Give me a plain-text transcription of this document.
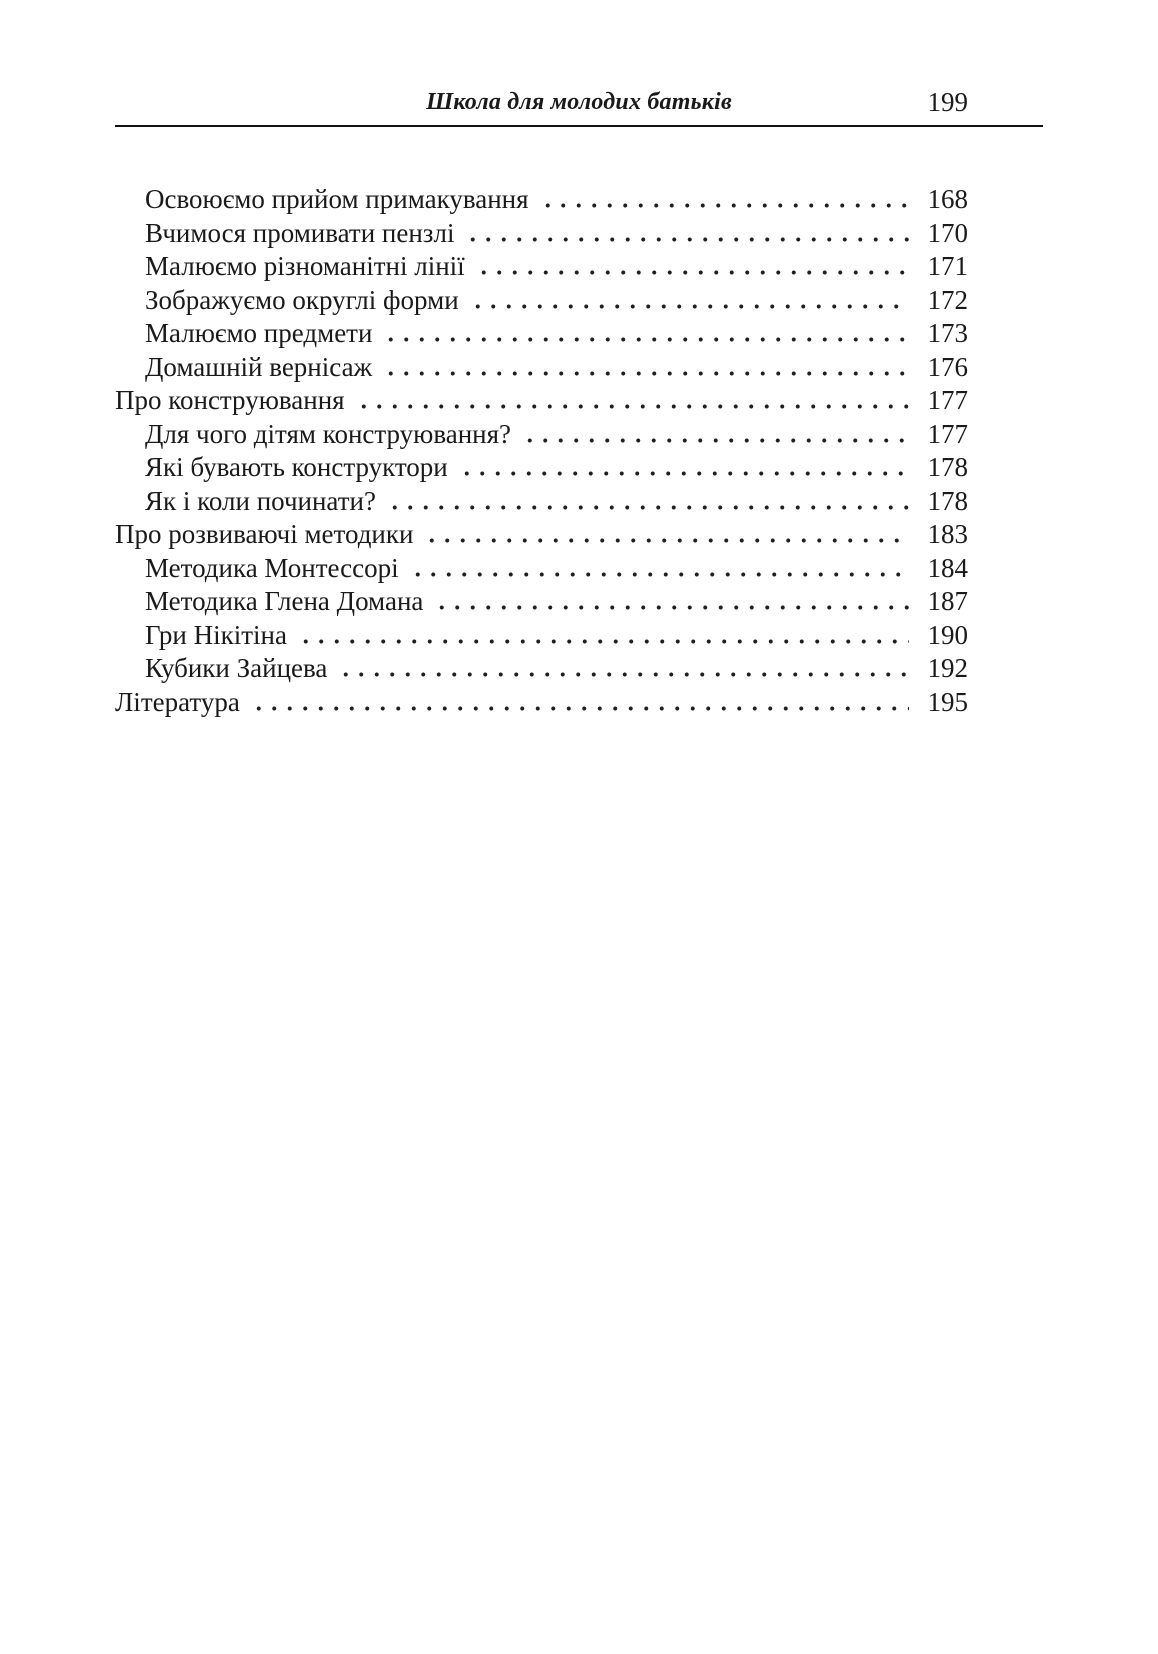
Школа для молодих батьків	199
Освоюємо прийом примакування	168
Вчимося промивати пензлі	170
Малюємо різноманітні лінії	171
Зображуємо округлі форми	172
Малюємо предмети	173
Домашній вернісаж	176
Про конструювання	177
Для чого дітям конструювання?	177
Які бувають конструктори	178
Як і коли починати?	178
Про розвиваючі методики	183
Методика Монтессорі	184
Методика Глена Домана	187
Гри Нікітіна	190
Кубики Зайцева	192
Література	195
